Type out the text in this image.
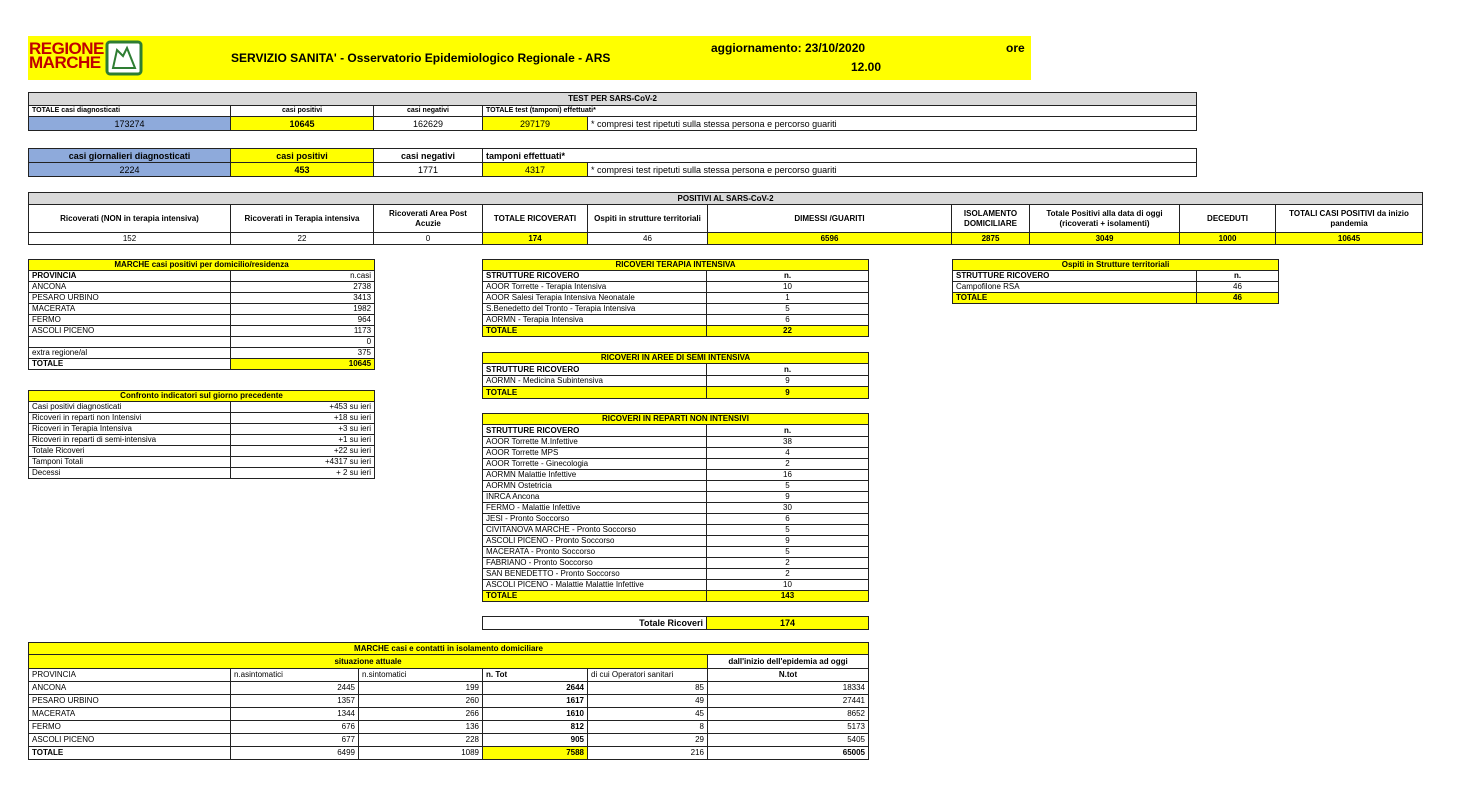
REGIONE
MARCHE	SERVIZIO SANITA' - Osservatorio Epidemiologico Regionale - ARS
aggiornamento: 23/10/2020
12.00
ore
TEST PER SARS-CoV-2				
TOTALE casi diagnosticati	casi positivi	casi negativi	TOTALE test (tamponi) effettuati*	
173274	10645	162629	297179	* compresi test ripetuti sulla stessa persona e percorso guariti
casi giornalieri diagnosticati	casi positivi	casi negativi	tamponi effettuati*	
2224	453	1771	4317	* compresi test ripetuti sulla stessa persona e percorso guariti
POSITIVI AL SARS-CoV-2									
Ricoverati (NON in terapia intensiva)	Ricoverati in Terapia intensiva	Ricoverati Area Post Acuzie	TOTALE RICOVERATI	Ospiti in strutture territoriali	DIMESSI /GUARITI	ISOLAMENTO DOMICILIARE	Totale Positivi alla data di oggi (ricoverati + isolamenti)	DECEDUTI	TOTALI CASI POSITIVI da inizio pandemia
152	22	0	174	46	6596	2875	3049	1000	10645
MARCHE casi positivi per domicilio/residenza	
PROVINCIA	n.casi
ANCONA	2738
PESARO URBINO	3413
MACERATA	1982
FERMO	964
ASCOLI PICENO	1173
	0
extra regione/al	375
TOTALE	10645
Confronto indicatori sul giorno precedente	
Casi positivi diagnosticati	+453 su ieri
Ricoveri in reparti non Intensivi	+18 su ieri
Ricoveri in Terapia Intensiva	+3 su ieri
Ricoveri in reparti di semi-intensiva	+1 su ieri
Totale Ricoveri	+22 su ieri
Tamponi Totali	+4317 su ieri
Decessi	+ 2 su ieri
RICOVERI TERAPIA INTENSIVA	
STRUTTURE RICOVERO	n.
AOOR Torrette - Terapia Intensiva	10
AOOR Salesi Terapia Intensiva Neonatale	1
S.Benedetto del Tronto - Terapia Intensiva	5
AORMN - Terapia Intensiva	6
TOTALE	22
RICOVERI IN AREE DI SEMI INTENSIVA	
STRUTTURE RICOVERO	n.
AORMN - Medicina Subintensiva	9
TOTALE	9
RICOVERI IN REPARTI NON INTENSIVI	
STRUTTURE RICOVERO	n.
AOOR Torrette M.Infettive	38
AOOR Torrette MPS	4
AOOR Torrette - Ginecologia	2
AORMN Malattie Infettive	16
AORMN Ostetricia	5
INRCA Ancona	9
FERMO - Malattie Infettive	30
JESI - Pronto Soccorso	6
CIVITANOVA MARCHE - Pronto Soccorso	5
ASCOLI PICENO - Pronto Soccorso	9
MACERATA - Pronto Soccorso	5
FABRIANO - Pronto Soccorso	2
SAN BENEDETTO - Pronto Soccorso	2
ASCOLI PICENO - Malattie Malattie Infettive	10
TOTALE	143
Totale Ricoveri	174
Ospiti in Strutture territoriali	
STRUTTURE RICOVERO	n.
Campofilone RSA	46
TOTALE	46
MARCHE casi e contatti in isolamento domiciliare					
situazione attuale					dall'inizio dell'epidemia ad oggi
PROVINCIA	n.asintomatici	n.sintomatici	n. Tot	di cui Operatori sanitari	N.tot
ANCONA	2445	199	2644	85	18334
PESARO URBINO	1357	260	1617	49	27441
MACERATA	1344	266	1610	45	8652
FERMO	676	136	812	8	5173
ASCOLI PICENO	677	228	905	29	5405
TOTALE	6499	1089	7588	216	65005
